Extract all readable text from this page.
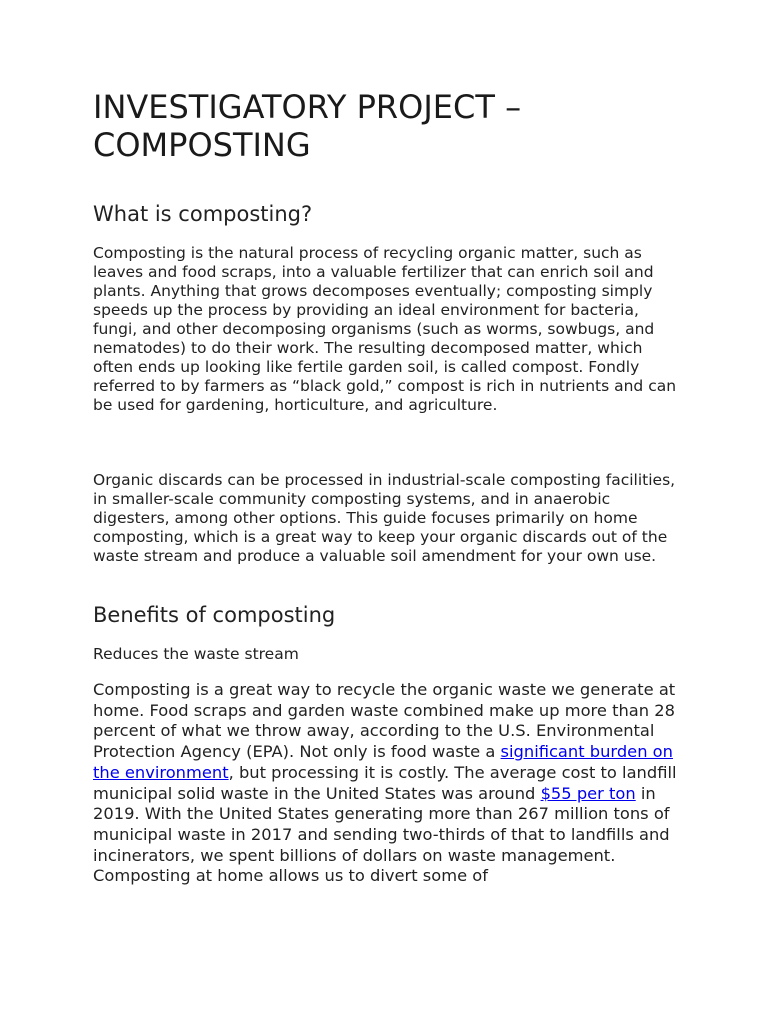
INVESTIGATORY PROJECT – COMPOSTING
What is composting?

Composting is the natural process of recycling organic matter, such as leaves and food scraps, into a valuable fertilizer that can enrich soil and plants. Anything that grows decomposes eventually; composting simply speeds up the process by providing an ideal environment for bacteria, fungi, and other decomposing organisms (such as worms, sowbugs, and nematodes) to do their work. The resulting decomposed matter, which often ends up looking like fertile garden soil, is called compost. Fondly referred to by farmers as “black gold,” compost is rich in nutrients and can be used for gardening, horticulture, and agriculture.

Organic discards can be processed in industrial-scale composting facilities, in smaller-scale community composting systems, and in anaerobic digesters, among other options. This guide focuses primarily on home composting, which is a great way to keep your organic discards out of the waste stream and produce a valuable soil amendment for your own use.

Benefits of composting

Reduces the waste stream

Composting is a great way to recycle the organic waste we generate at home. Food scraps and garden waste combined make up more than 28 percent of what we throw away, according to the U.S. Environmental Protection Agency (EPA). Not only is food waste a significant burden on the environment, but processing it is costly. The average cost to landfill municipal solid waste in the United States was around $55 per ton in 2019. With the United States generating more than 267 million tons of municipal waste in 2017 and sending two-thirds of that to landfills and incinerators, we spent billions of dollars on waste management. Composting at home allows us to divert some of
